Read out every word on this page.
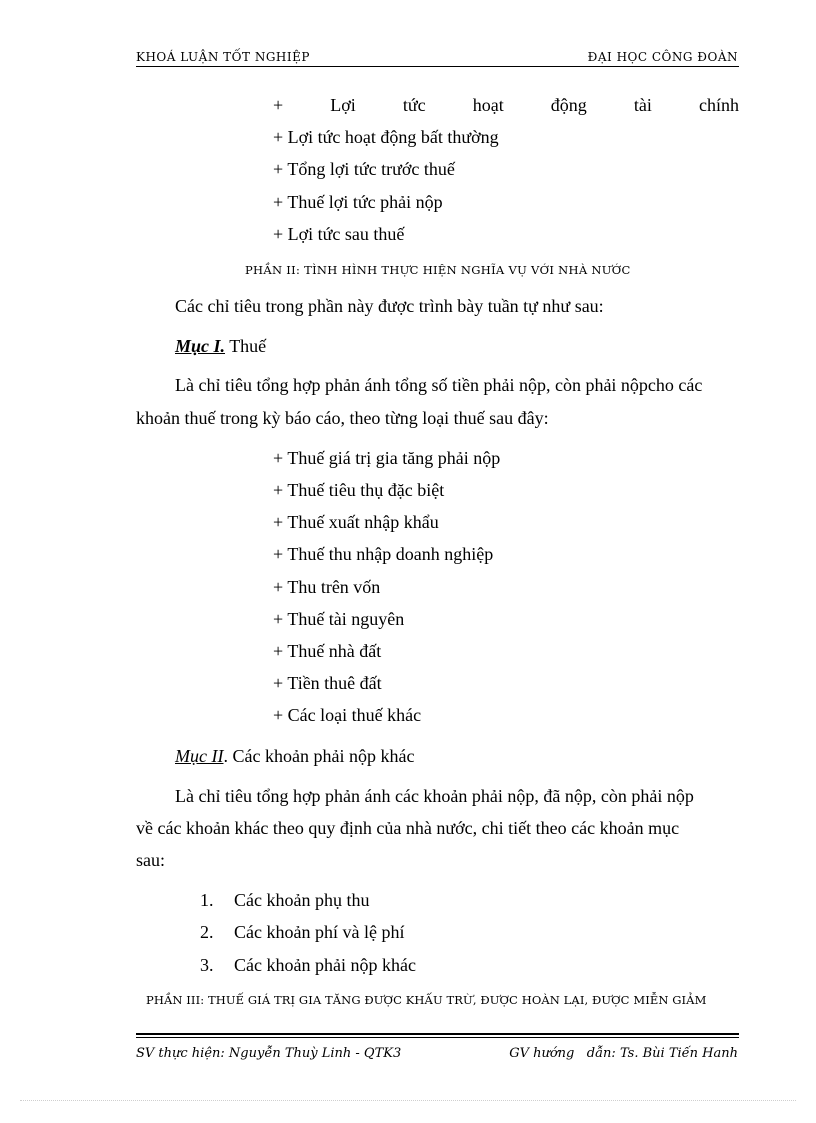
KHOÁ LUẬN TỐT NGHIỆP	ĐẠI HỌC CÔNG ĐOÀN
+	Lợi	tức	hoạt	động	tài	chính
+ Lợi tức hoạt động bất thường
+ Tổng lợi tức trước thuế
+ Thuế lợi tức phải nộp
+ Lợi tức sau thuế
PHẦN II: TÌNH HÌNH THỰC HIỆN NGHĨA VỤ VỚI NHÀ NƯỚC
Các chỉ tiêu trong phần này được trình bày tuần tự như sau:
Mục I. Thuế
Là chỉ tiêu tổng hợp phản ánh tổng số tiền phải nộp, còn phải nộpcho các
khoản thuế trong kỳ báo cáo, theo từng loại thuế sau đây:
+ Thuế giá trị gia tăng phải nộp
+ Thuế tiêu thụ đặc biệt
+ Thuế xuất nhập khẩu
+ Thuế thu nhập doanh nghiệp
+ Thu trên vốn
+ Thuế tài nguyên
+ Thuế nhà đất
+ Tiền thuê đất
+ Các loại thuế khác
Mục II. Các khoản phải nộp khác
Là chỉ tiêu tổng hợp phản ánh các khoản phải nộp, đã nộp, còn phải nộp
về các khoản khác theo quy định của nhà nước, chi tiết theo các khoản mục
sau:
1. Các khoản phụ thu
2. Các khoản phí và lệ phí
3. Các khoản phải nộp khác
PHẦN III: THUẾ GIÁ TRỊ GIA TĂNG ĐƯỢC KHẤU TRỪ, ĐƯỢC HOÀN LẠI, ĐƯỢC MIỄN GIẢM
SV thực hiện: Nguyễn Thuỳ Linh - QTK3	GV hướng   dẫn: Ts. Bùi Tiến Hanh
